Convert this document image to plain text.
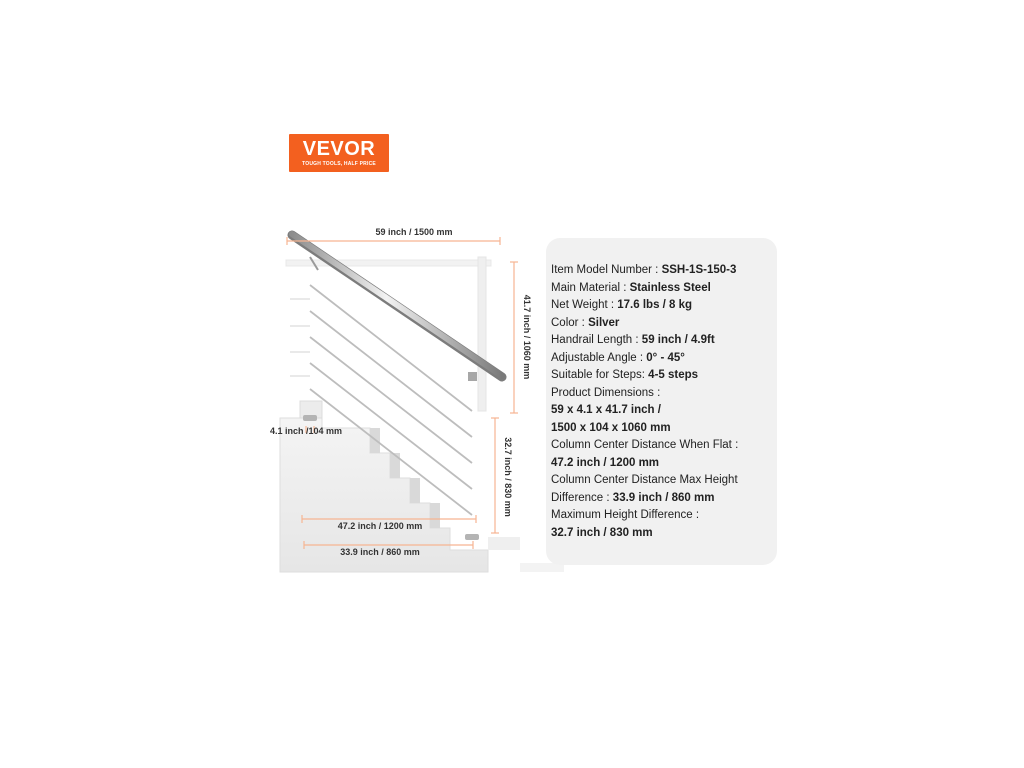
VEVOR
TOUGH TOOLS, HALF PRICE
59 inch / 1500 mm
41.7 inch / 1060 mm
4.1 inch /104 mm
32.7 inch / 830 mm
47.2 inch / 1200 mm
33.9 inch / 860 mm
Item Model Number : SSH-1S-150-3
Main Material : Stainless Steel
Net Weight : 17.6 lbs / 8 kg
Color : Silver
Handrail Length : 59 inch / 4.9ft
Adjustable Angle : 0° - 45°
Suitable for Steps: 4-5 steps
Product Dimensions :
59 x 4.1 x 41.7 inch /
1500 x 104 x 1060 mm
Column Center Distance When Flat :
47.2 inch / 1200 mm
Column Center Distance Max Height
Difference : 33.9 inch / 860 mm
Maximum Height Difference :
32.7 inch / 830 mm
